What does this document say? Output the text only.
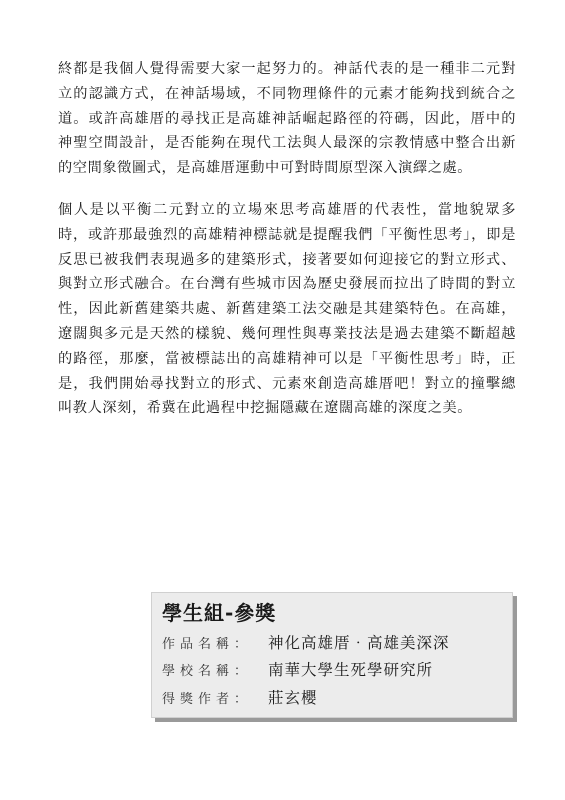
終都是我個人覺得需要大家一起努力的。神話代表的是一種非二元對立的認識方式，在神話場域，不同物理條件的元素才能夠找到統合之道。或許高雄厝的尋找正是高雄神話崛起路徑的符碼，因此，厝中的神聖空間設計，是否能夠在現代工法與人最深的宗教情感中整合出新的空間象徵圖式，是高雄厝運動中可對時間原型深入演繹之處。

個人是以平衡二元對立的立場來思考高雄厝的代表性，當地貌眾多時，或許那最強烈的高雄精神標誌就是提醒我們「平衡性思考」，即是反思已被我們表現過多的建築形式，接著要如何迎接它的對立形式、與對立形式融合。在台灣有些城市因為歷史發展而拉出了時間的對立性，因此新舊建築共處、新舊建築工法交融是其建築特色。在高雄，遼闊與多元是天然的樣貌、幾何理性與專業技法是過去建築不斷超越的路徑，那麼，當被標誌出的高雄精神可以是「平衡性思考」時，正是，我們開始尋找對立的形式、元素來創造高雄厝吧！對立的撞擊總叫教人深刻，希冀在此過程中挖掘隱藏在遼闊高雄的深度之美。

學生組-參獎
作品名稱： 神化高雄厝‧高雄美深深
學校名稱： 南華大學生死學研究所
得獎作者： 莊玄櫻
